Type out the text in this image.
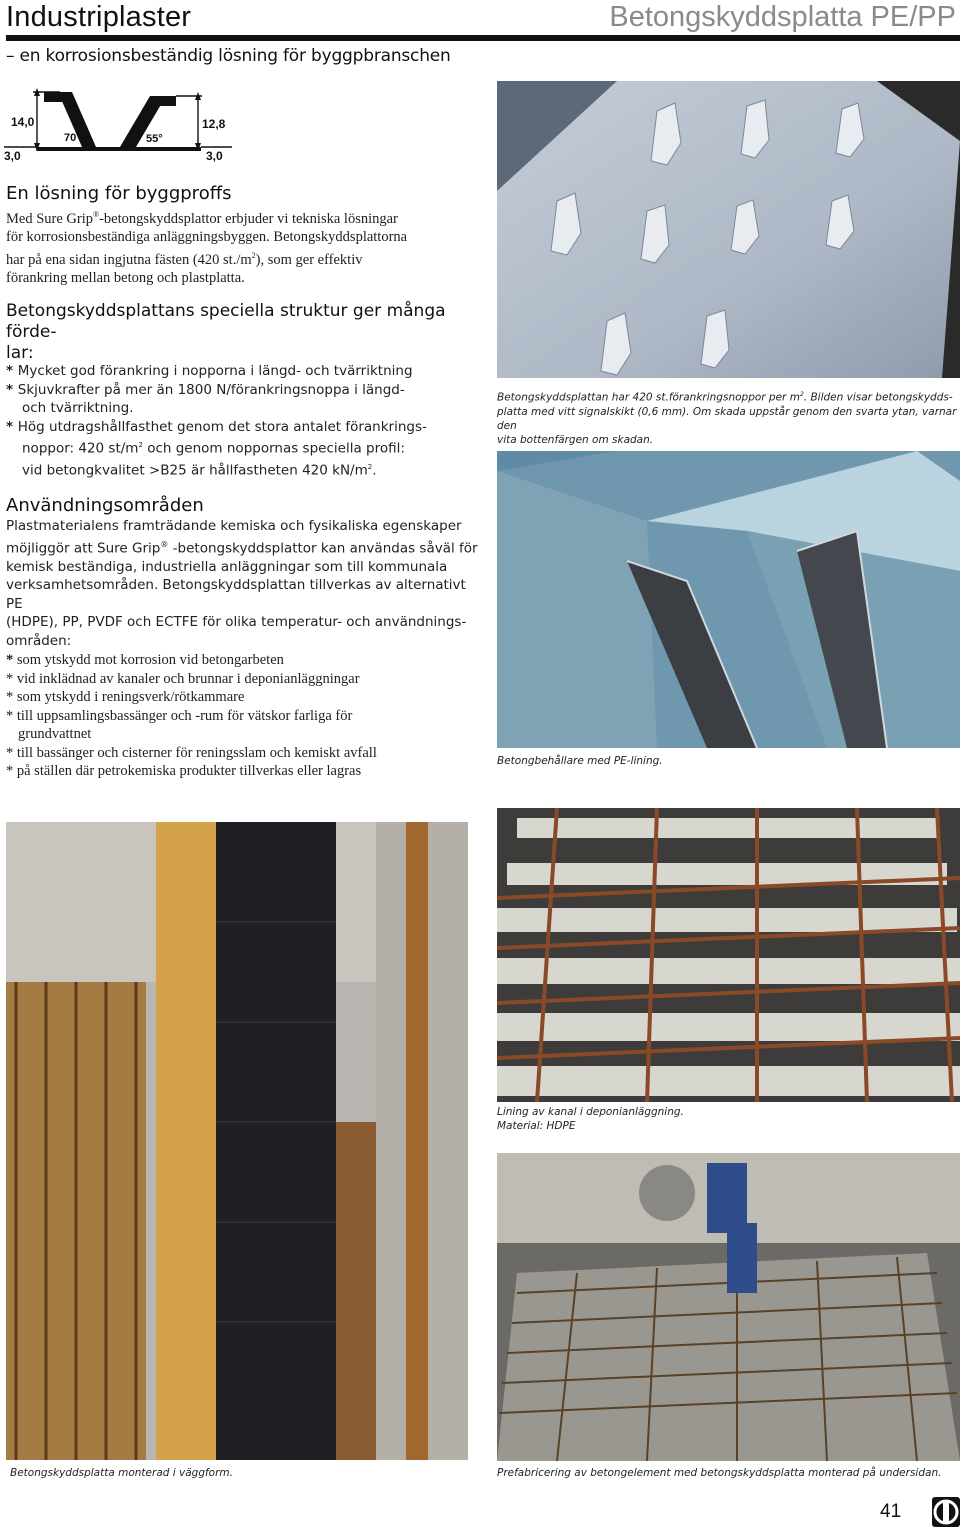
Industriplaster	Betongskyddsplatta PE/PP
– en korrosionsbeständig lösning för byggpbranschen
14,0	12,8
70°	55°
3,0	3,0
En lösning för byggproffs
Med Sure Grip®-betongskyddsplattor erbjuder vi tekniska lösningar
för korrosionsbeständiga anläggningsbyggen. Betongskyddsplattorna
har på ena sidan ingjutna fästen (420 $st./m^2$), som ger effektiv
förankring mellan betong och plastplatta.
Betongskyddsplattans speciella struktur ger många förde-
lar:
* Mycket god förankring i nopporna i längd- och tvärriktning
* Skjuvkrafter på mer än 1800 N/förankringsnoppa i längd-
och tvärriktning.
* Hög utdragshållfasthet genom det stora antalet förankrings-
noppor: 420 $st/m^2$ och genom noppornas speciella profil:
vid betongkvalitet >B25 är hållfastheten 420 $kN/m^2$.
Användningsområden
Plastmaterialens framträdande kemiska och fysikaliska egenskaper
möjliggör att Sure Grip® -betongskyddsplattor kan användas såväl för
kemisk beständiga, industriella anläggningar som till kommunala
verksamhetsområden. Betongskyddsplattan tillverkas av alternativt PE
(HDPE), PP, PVDF och ECTFE för olika temperatur- och användnings-
områden:
* som ytskydd mot korrosion vid betongarbeten
* vid inklädnad av kanaler och brunnar i deponianläggningar
* som ytskydd i reningsverk/rötkammare
* till uppsamlingsbassänger och -rum för vätskor farliga för
grundvattnet
* till bassänger och cisterner för reningsslam och kemiskt avfall
* på ställen där petrokemiska produkter tillverkas eller lagras
Betongskyddsplattan har 420 st.förankringsnoppor per $m^2$. Bilden visar betongskydds-
platta med vitt signalskikt (0,6 mm). Om skada uppstår genom den svarta ytan, varnar den
vita bottenfärgen om skadan.
Betongbehållare med PE-lining.
Lining av kanal i deponianläggning.
Material: HDPE
Betongskyddsplatta monterad i väggform.	Prefabricering av betongelement med betongskyddsplatta monterad på undersidan.
41
